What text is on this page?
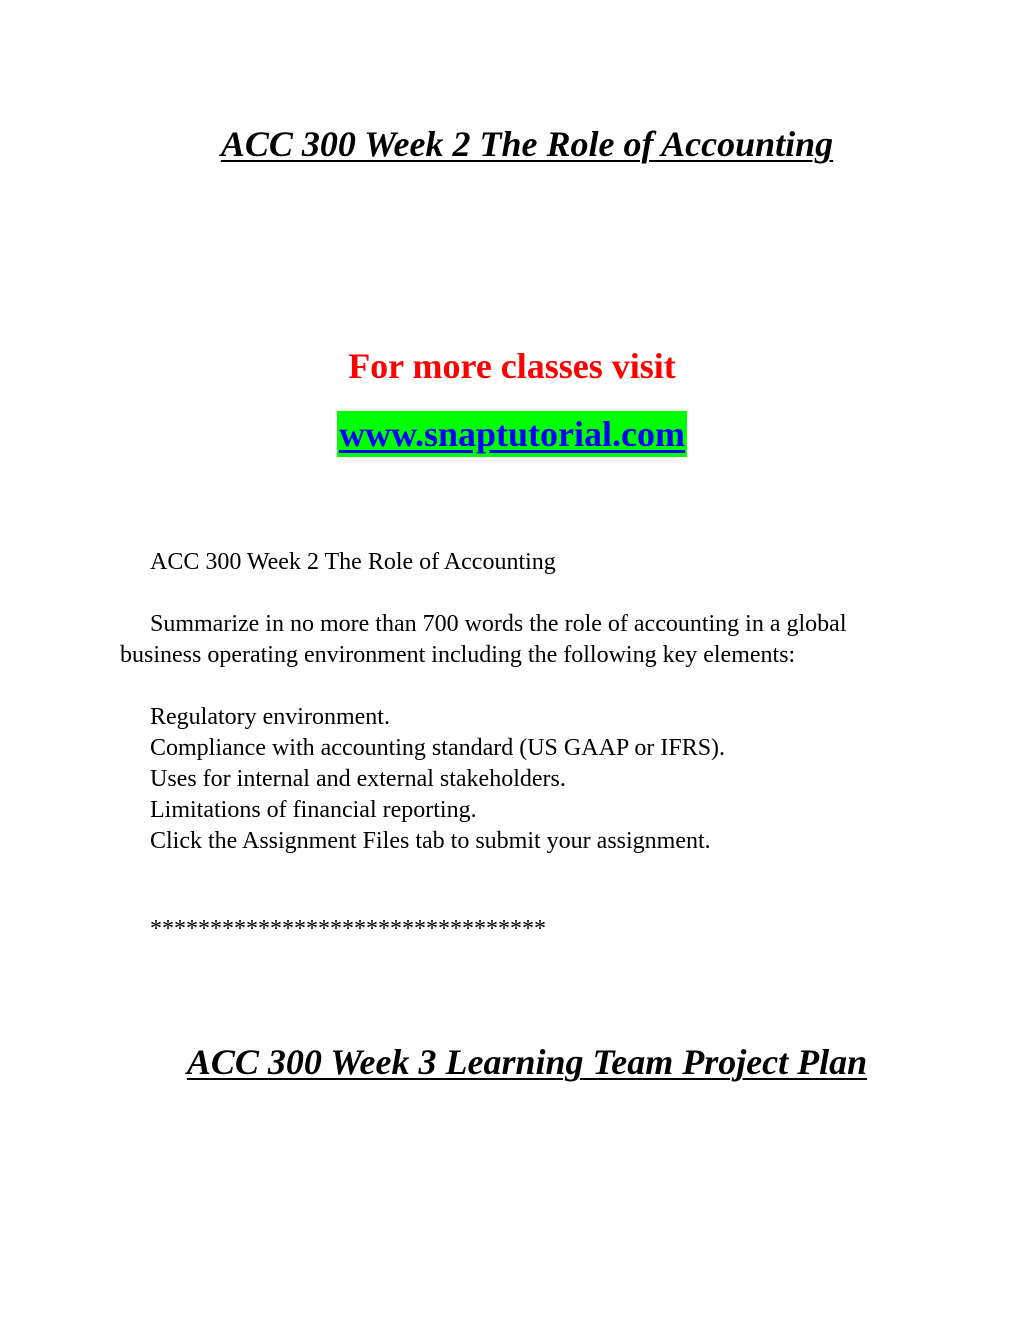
ACC 300 Week 2 The Role of Accounting

For more classes visit

www.snaptutorial.com

ACC 300 Week 2 The Role of Accounting

Summarize in no more than 700 words the role of accounting in a global business operating environment including the following key elements:

Regulatory environment.
Compliance with accounting standard (US GAAP or IFRS).
Uses for internal and external stakeholders.
Limitations of financial reporting.
Click the Assignment Files tab to submit your assignment.

*********************************

ACC 300 Week 3 Learning Team Project Plan
